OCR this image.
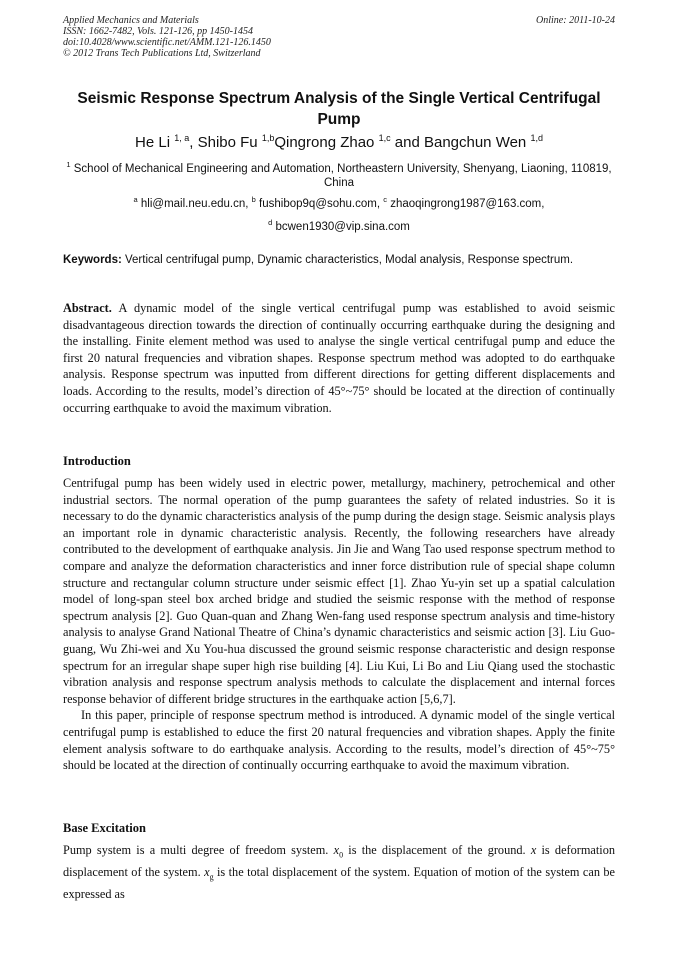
Applied Mechanics and Materials
ISSN: 1662-7482, Vols. 121-126, pp 1450-1454
doi:10.4028/www.scientific.net/AMM.121-126.1450
© 2012 Trans Tech Publications Ltd, Switzerland
Online: 2011-10-24
Seismic Response Spectrum Analysis of the Single Vertical Centrifugal Pump
He Li $^{1, a}$, Shibo Fu $^{1,b}$Qingrong Zhao $^{1,c}$ and Bangchun Wen $^{1,d}$
$^1$ School of Mechanical Engineering and Automation, Northeastern University, Shenyang, Liaoning, 110819, China
$^a$ hli@mail.neu.edu.cn, $^b$ fushibop9q@sohu.com, $^c$ zhaoqingrong1987@163.com,
$^d$ bcwen1930@vip.sina.com
Keywords: Vertical centrifugal pump, Dynamic characteristics, Modal analysis, Response spectrum.

Abstract. A dynamic model of the single vertical centrifugal pump was established to avoid seismic disadvantageous direction towards the direction of continually occurring earthquake during the designing and the installing. Finite element method was used to analyse the single vertical centrifugal pump and educe the first 20 natural frequencies and vibration shapes. Response spectrum method was adopted to do earthquake analysis. Response spectrum was inputted from different directions for getting different displacements and loads. According to the results, model’s direction of 45°~75° should be located at the direction of continually occurring earthquake to avoid the maximum vibration.

Introduction

Centrifugal pump has been widely used in electric power, metallurgy, machinery, petrochemical and other industrial sectors. The normal operation of the pump guarantees the safety of related industries. So it is necessary to do the dynamic characteristics analysis of the pump during the design stage. Seismic analysis plays an important role in dynamic characteristic analysis. Recently, the following researchers have already contributed to the development of earthquake analysis. Jin Jie and Wang Tao used response spectrum method to compare and analyze the deformation characteristics and inner force distribution rule of special shape column structure and rectangular column structure under seismic effect [1]. Zhao Yu-yin set up a spatial calculation model of long-span steel box arched bridge and studied the seismic response with the method of response spectrum analysis [2]. Guo Quan-quan and Zhang Wen-fang used response spectrum analysis and time-history analysis to analyse Grand National Theatre of China’s dynamic characteristics and seismic action [3]. Liu Guo-guang, Wu Zhi-wei and Xu You-hua discussed the ground seismic response characteristic and design response spectrum for an irregular shape super high rise building [4]. Liu Kui, Li Bo and Liu Qiang used the stochastic vibration analysis and response spectrum analysis methods to calculate the displacement and internal forces response behavior of different bridge structures in the earthquake action [5,6,7].

In this paper, principle of response spectrum method is introduced. A dynamic model of the single vertical centrifugal pump is established to educe the first 20 natural frequencies and vibration shapes. Apply the finite element analysis software to do earthquake analysis. According to the results, model’s direction of 45°~75° should be located at the direction of continually occurring earthquake to avoid the maximum vibration.

Base Excitation

Pump system is a multi degree of freedom system. $x_0$ is the displacement of the ground. x is deformation displacement of the system. $x_g$ is the total displacement of the system. Equation of motion of the system can be expressed as
